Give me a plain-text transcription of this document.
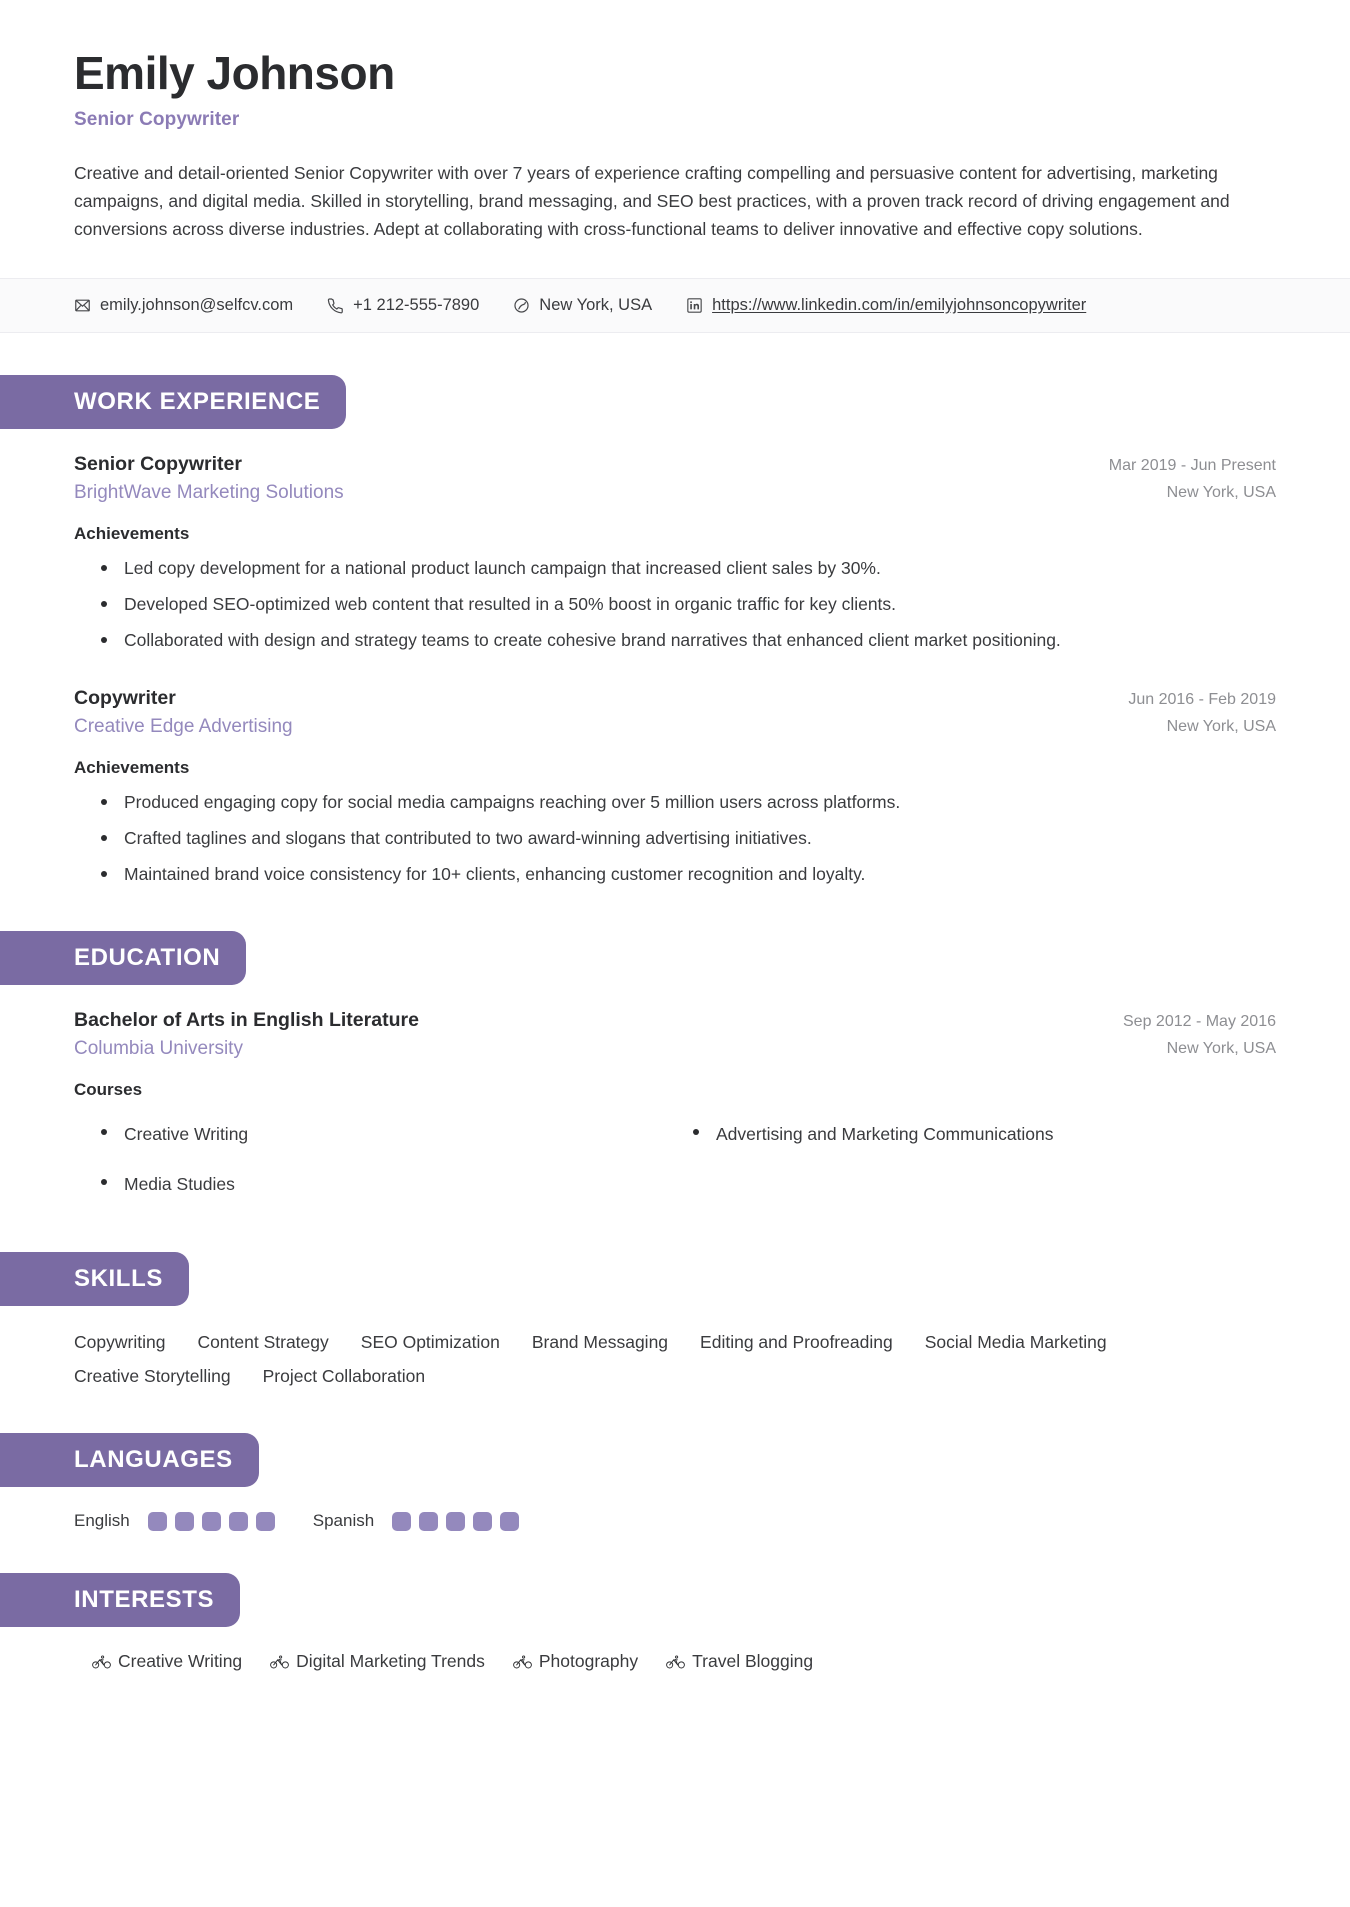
Emily Johnson
Senior Copywriter

Creative and detail-oriented Senior Copywriter with over 7 years of experience crafting compelling and persuasive content for advertising, marketing campaigns, and digital media. Skilled in storytelling, brand messaging, and SEO best practices, with a proven track record of driving engagement and conversions across diverse industries. Adept at collaborating with cross-functional teams to deliver innovative and effective copy solutions.

emily.johnson@selfcv.com	+1 212-555-7890	New York, USA	https://www.linkedin.com/in/emilyjohnsoncopywriter
WORK EXPERIENCE
Senior Copywriter
BrightWave Marketing Solutions
Mar 2019 - Jun Present
New York, USA
Achievements
Led copy development for a national product launch campaign that increased client sales by 30%.
Developed SEO-optimized web content that resulted in a 50% boost in organic traffic for key clients.
Collaborated with design and strategy teams to create cohesive brand narratives that enhanced client market positioning.
Copywriter
Creative Edge Advertising
Jun 2016 - Feb 2019
New York, USA
Achievements
Produced engaging copy for social media campaigns reaching over 5 million users across platforms.
Crafted taglines and slogans that contributed to two award-winning advertising initiatives.
Maintained brand voice consistency for 10+ clients, enhancing customer recognition and loyalty.
EDUCATION
Bachelor of Arts in English Literature
Columbia University
Sep 2012 - May 2016
New York, USA
Courses
Creative Writing	Advertising and Marketing Communications
Media Studies
SKILLS
Copywriting Content Strategy SEO Optimization Brand Messaging Editing and Proofreading Social Media Marketing
Creative Storytelling Project Collaboration
LANGUAGES
English	Spanish
INTERESTS
Creative Writing	Digital Marketing Trends	Photography	Travel Blogging
